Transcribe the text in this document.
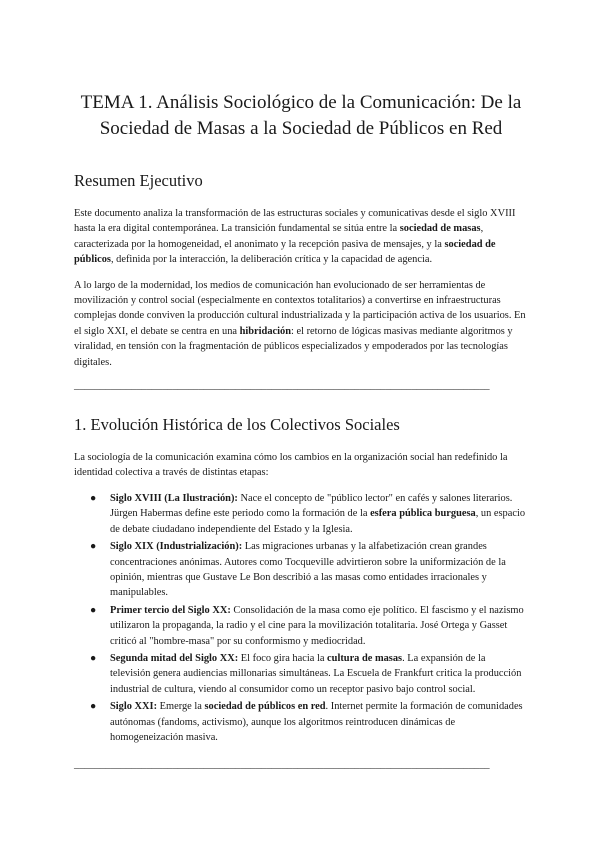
TEMA 1. Análisis Sociológico de la Comunicación: De la Sociedad de Masas a la Sociedad de Públicos en Red
Resumen Ejecutivo

Este documento analiza la transformación de las estructuras sociales y comunicativas desde el siglo XVIII hasta la era digital contemporánea. La transición fundamental se sitúa entre la sociedad de masas, caracterizada por la homogeneidad, el anonimato y la recepción pasiva de mensajes, y la sociedad de públicos, definida por la interacción, la deliberación crítica y la capacidad de agencia.

A lo largo de la modernidad, los medios de comunicación han evolucionado de ser herramientas de movilización y control social (especialmente en contextos totalitarios) a convertirse en infraestructuras complejas donde conviven la producción cultural industrializada y la participación activa de los usuarios. En el siglo XXI, el debate se centra en una hibridación: el retorno de lógicas masivas mediante algoritmos y viralidad, en tensión con la fragmentación de públicos especializados y empoderados por las tecnologías digitales.

________________________________________________________________________________
1. Evolución Histórica de los Colectivos Sociales

La sociología de la comunicación examina cómo los cambios en la organización social han redefinido la identidad colectiva a través de distintas etapas:

● Siglo XVIII (La Ilustración): Nace el concepto de "público lector" en cafés y salones literarios. Jürgen Habermas define este periodo como la formación de la esfera pública burguesa, un espacio de debate ciudadano independiente del Estado y la Iglesia.
● Siglo XIX (Industrialización): Las migraciones urbanas y la alfabetización crean grandes concentraciones anónimas. Autores como Tocqueville advirtieron sobre la uniformización de la opinión, mientras que Gustave Le Bon describió a las masas como entidades irracionales y manipulables.
● Primer tercio del Siglo XX: Consolidación de la masa como eje político. El fascismo y el nazismo utilizaron la propaganda, la radio y el cine para la movilización totalitaria. José Ortega y Gasset criticó al "hombre-masa" por su conformismo y mediocridad.
● Segunda mitad del Siglo XX: El foco gira hacia la cultura de masas. La expansión de la televisión genera audiencias millonarias simultáneas. La Escuela de Frankfurt critica la producción industrial de cultura, viendo al consumidor como un receptor pasivo bajo control social.
● Siglo XXI: Emerge la sociedad de públicos en red. Internet permite la formación de comunidades autónomas (fandoms, activismo), aunque los algoritmos reintroducen dinámicas de homogeneización masiva.
________________________________________________________________________________
